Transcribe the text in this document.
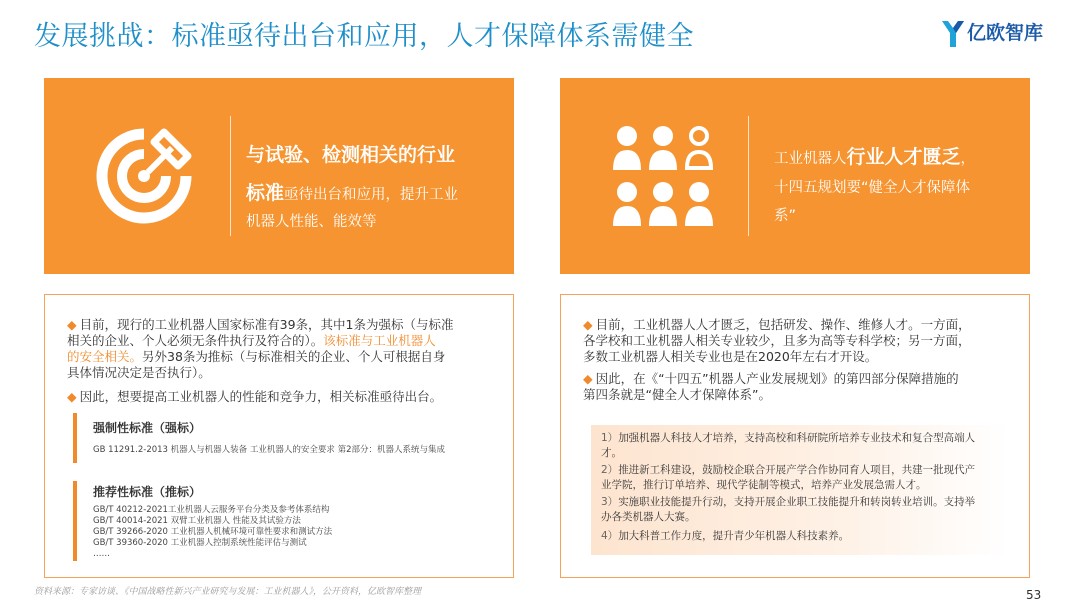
发展挑战：标准亟待出台和应用，人才保障体系需健全	亿欧智库
与试验、检测相关的行业
标准亟待出台和应用，提升工业
机器人性能、能效等
工业机器人行业人才匮乏，
十四五规划要“健全人才保障体
系”
◆ 目前，现行的工业机器人国家标准有39条，其中1条为强标（与标准
相关的企业、个人必须无条件执行及符合的）。该标准与工业机器人
的安全相关。另外38条为推标（与标准相关的企业、个人可根据自身
具体情况决定是否执行）。
◆ 因此，想要提高工业机器人的性能和竞争力，相关标准亟待出台。
强制性标准（强标）
GB 11291.2-2013 机器人与机器人装备 工业机器人的安全要求 第2部分：机器人系统与集成
推荐性标准（推标）
GB/T 40212-2021工业机器人云服务平台分类及参考体系结构
GB/T 40014-2021 双臂工业机器人 性能及其试验方法
GB/T 39266-2020 工业机器人机械环境可靠性要求和测试方法
GB/T 39360-2020 工业机器人控制系统性能评估与测试
……
◆ 目前，工业机器人人才匮乏，包括研发、操作、维修人才。一方面，
各学校和工业机器人相关专业较少，且多为高等专科学校；另一方面，
多数工业机器人相关专业也是在2020年左右才开设。
◆ 因此，在《“十四五”机器人产业发展规划》的第四部分保障措施的
第四条就是“健全人才保障体系”。
1）加强机器人科技人才培养，支持高校和科研院所培养专业技术和复合型高端人
才。
2）推进新工科建设，鼓励校企联合开展产学合作协同育人项目，共建一批现代产
业学院，推行订单培养、现代学徒制等模式，培养产业发展急需人才。
3）实施职业技能提升行动，支持开展企业职工技能提升和转岗转业培训。支持举
办各类机器人大赛。
4）加大科普工作力度，提升青少年机器人科技素养。
资料来源：专家访谈、《中国战略性新兴产业研究与发展：工业机器人》，公开资料，亿欧智库整理	53
